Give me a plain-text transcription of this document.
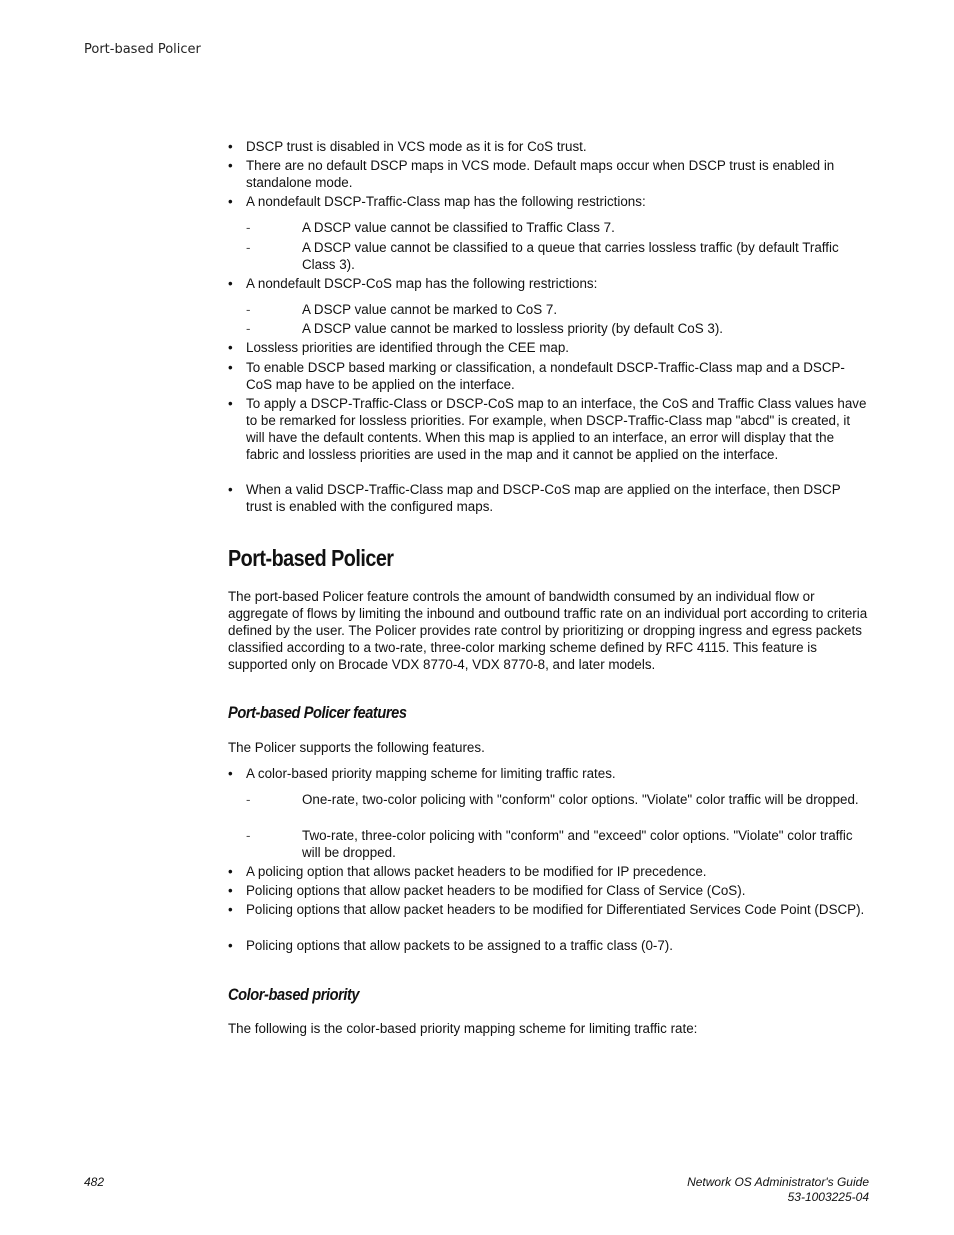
Port-based Policer
• DSCP trust is disabled in VCS mode as it is for CoS trust.
• There are no default DSCP maps in VCS mode. Default maps occur when DSCP trust is enabled in standalone mode.
• A nondefault DSCP-Traffic-Class map has the following restrictions:
-	A DSCP value cannot be classified to Traffic Class 7.
-	A DSCP value cannot be classified to a queue that carries lossless traffic (by default Traffic Class 3).
• A nondefault DSCP-CoS map has the following restrictions:
-	A DSCP value cannot be marked to CoS 7.
-	A DSCP value cannot be marked to lossless priority (by default CoS 3).
• Lossless priorities are identified through the CEE map.
• To enable DSCP based marking or classification, a nondefault DSCP-Traffic-Class map and a DSCP-CoS map have to be applied on the interface.
• To apply a DSCP-Traffic-Class or DSCP-CoS map to an interface, the CoS and Traffic Class values have to be remarked for lossless priorities. For example, when DSCP-Traffic-Class map "abcd" is created, it will have the default contents. When this map is applied to an interface, an error will display that the fabric and lossless priorities are used in the map and it cannot be applied on the interface.
• When a valid DSCP-Traffic-Class map and DSCP-CoS map are applied on the interface, then DSCP trust is enabled with the configured maps.
Port-based Policer
The port-based Policer feature controls the amount of bandwidth consumed by an individual flow or aggregate of flows by limiting the inbound and outbound traffic rate on an individual port according to criteria defined by the user. The Policer provides rate control by prioritizing or dropping ingress and egress packets classified according to a two-rate, three-color marking scheme defined by RFC 4115. This feature is supported only on Brocade VDX 8770-4, VDX 8770-8, and later models.
Port-based Policer features
The Policer supports the following features.
• A color-based priority mapping scheme for limiting traffic rates.
-	One-rate, two-color policing with "conform" color options. "Violate" color traffic will be dropped.
-	Two-rate, three-color policing with "conform" and "exceed" color options. "Violate" color traffic will be dropped.
• A policing option that allows packet headers to be modified for IP precedence.
• Policing options that allow packet headers to be modified for Class of Service (CoS).
• Policing options that allow packet headers to be modified for Differentiated Services Code Point (DSCP).
• Policing options that allow packets to be assigned to a traffic class (0-7).
Color-based priority
The following is the color-based priority mapping scheme for limiting traffic rate:
482	Network OS Administrator's Guide
53-1003225-04
